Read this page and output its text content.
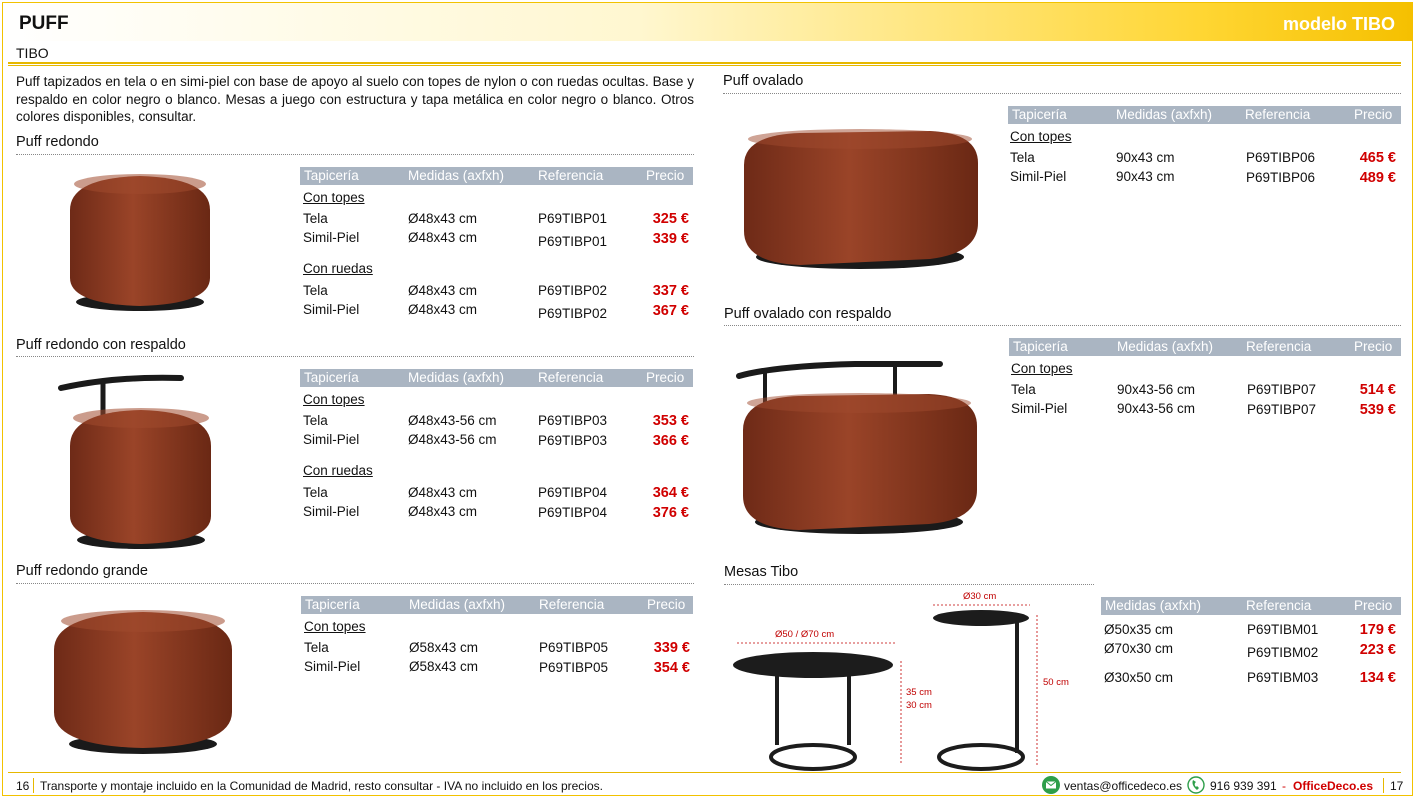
PUFF	modelo TIBO
TIBO
Puff tapizados en tela o en simi-piel con base de apoyo al suelo con topes de nylon o con ruedas ocultas. Base y respaldo en color negro o blanco. Mesas a juego con estructura y tapa metálica en color negro o blanco. Otros colores disponibles, consultar.
Puff redondo
Tapicería	Medidas (axfxh)	Referencia	Precio
Con topes
Tela	Ø48x43 cm	P69TIBP01	325 €
Simil-Piel	Ø48x43 cm	P69TIBP01	339 €
Con ruedas
Tela	Ø48x43 cm	P69TIBP02	337 €
Simil-Piel	Ø48x43 cm	P69TIBP02	367 €
Puff redondo con respaldo
Tapicería	Medidas (axfxh)	Referencia	Precio
Con topes
Tela	Ø48x43-56 cm	P69TIBP03	353 €
Simil-Piel	Ø48x43-56 cm	P69TIBP03	366 €
Con ruedas
Tela	Ø48x43 cm	P69TIBP04	364 €
Simil-Piel	Ø48x43 cm	P69TIBP04	376 €
Puff redondo grande
Tapicería	Medidas (axfxh)	Referencia	Precio
Con topes
Tela	Ø58x43 cm	P69TIBP05	339 €
Simil-Piel	Ø58x43 cm	P69TIBP05	354 €
Puff ovalado
Tapicería	Medidas (axfxh) Referencia	Precio
Con topes
Tela	90x43 cm	P69TIBP06	465 €
Simil-Piel	90x43 cm	P69TIBP06	489 €
Puff ovalado con respaldo
Tapicería	Medidas (axfxh) Referencia	Precio
Con topes
Tela	90x43-56 cm	P69TIBP07	514 €
Simil-Piel	90x43-56 cm	P69TIBP07	539 €
Mesas Tibo
Ø50 / Ø70 cm
35 cm
30 cm
Ø30 cm
50 cm
Medidas (axfxh)	Referencia	Precio
Ø50x35 cm	P69TIBM01	179 €
Ø70x30 cm	P69TIBM02	223 €
Ø30x50 cm	P69TIBM03	134 €
16 Transporte y montaje incluido en la Comunidad de Madrid, resto consultar - IVA no incluido en los precios.	ventas@officedeco.es 916 939 391 - OfficeDeco.es 17
